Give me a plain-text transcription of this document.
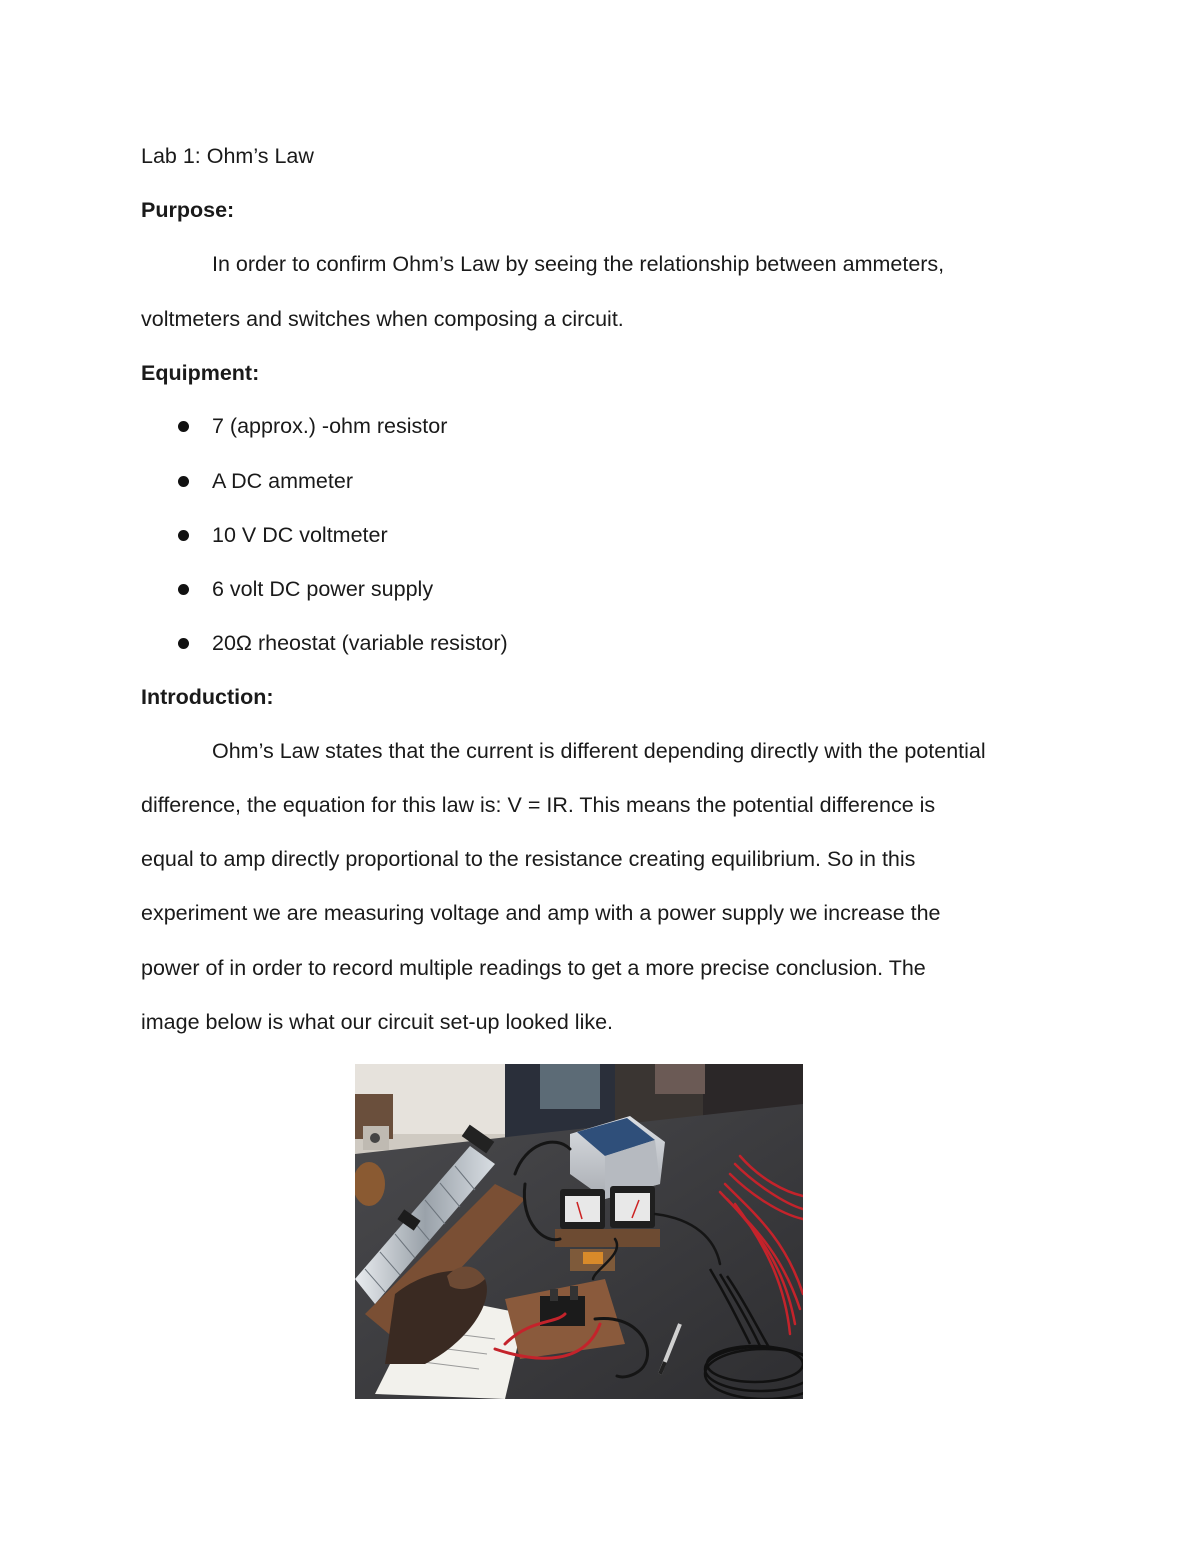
Lab 1: Ohm’s Law
Purpose:
In order to confirm Ohm’s Law by seeing the relationship between ammeters,
voltmeters and switches when composing a circuit.
Equipment:
7 (approx.) -ohm resistor
A DC ammeter
10 V DC voltmeter
6 volt DC power supply
20Ω rheostat (variable resistor)
Introduction:
Ohm’s Law states that the current is different depending directly with the potential
difference, the equation for this law is: V = IR. This means the potential difference is
equal to amp directly proportional to the resistance creating equilibrium. So in this
experiment we are measuring voltage and amp with a power supply we increase the
power of in order to record multiple readings to get a more precise conclusion. The
image below is what our circuit set-up looked like.
